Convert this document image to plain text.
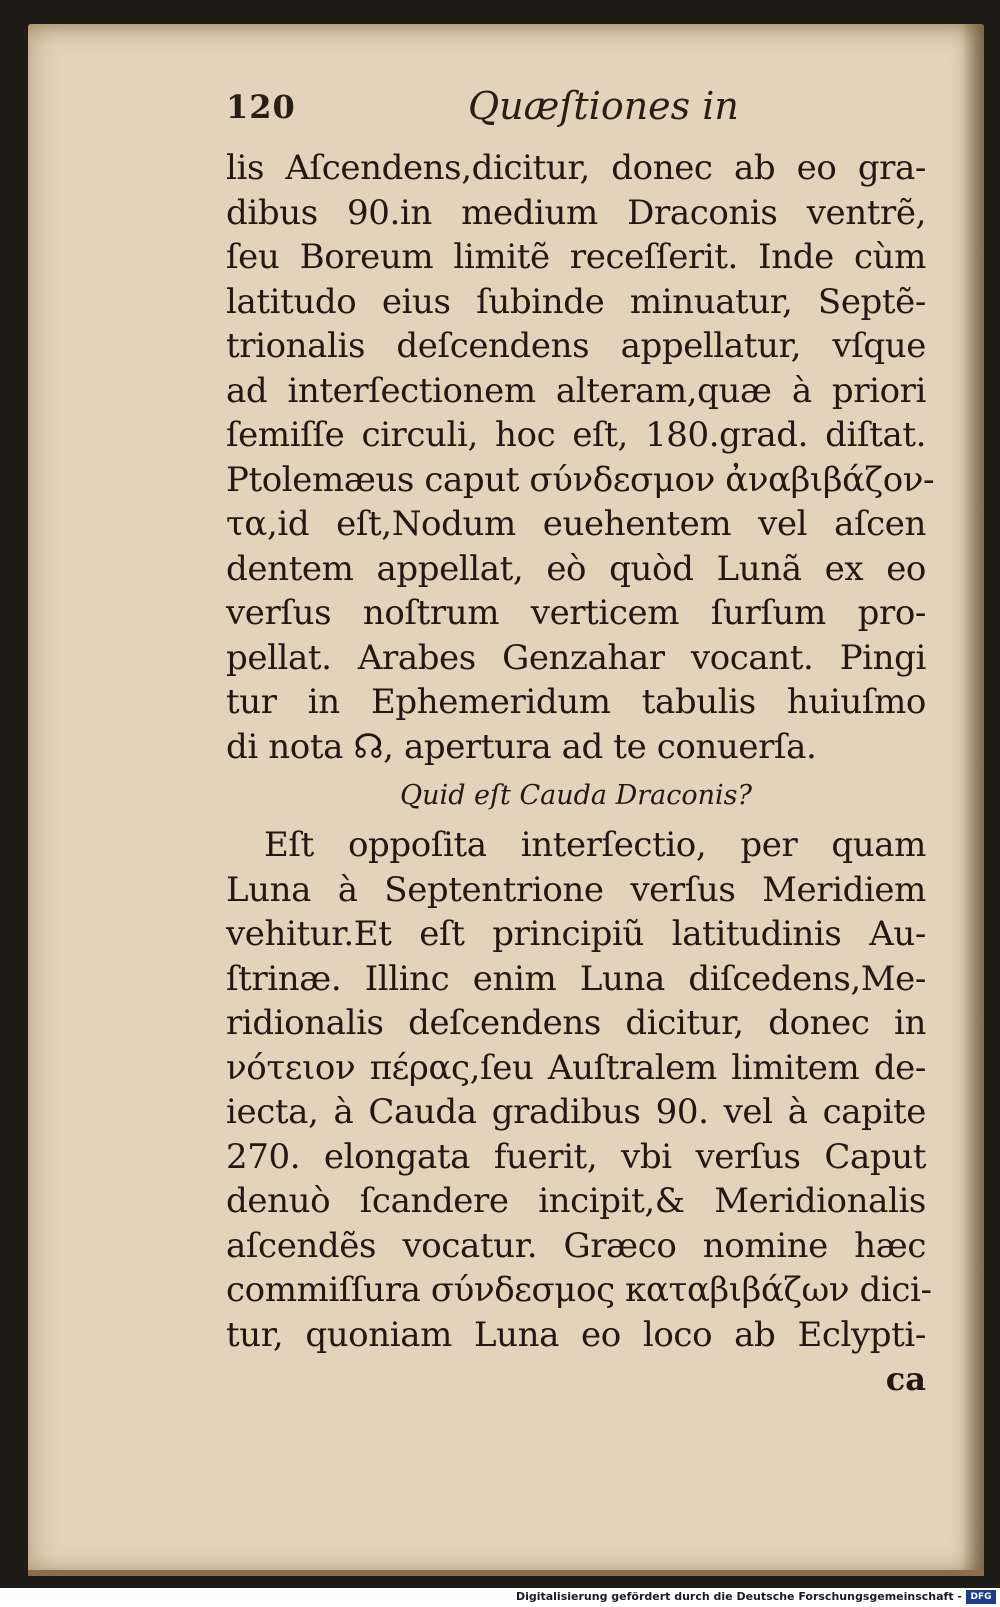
120	Quæſtiones in
lis Aſcendens,dicitur, donec ab eo gra-
dibus 90.in medium Draconis ventrẽ,
ſeu Boreum limitẽ receſſerit. Inde cùm
latitudo eius ſubinde minuatur, Septẽ-
trionalis deſcendens appellatur, vſque
ad interſectionem alteram,quæ à priori
ſemiſſe circuli, hoc eſt, 180.grad. diſtat.
Ptolemæus caput σύνδεσμον ἀναβιβάζον-
τα,id eſt,Nodum euehentem vel aſcen
dentem appellat, eò quòd Lunã ex eo
verſus noſtrum verticem ſurſum pro-
pellat. Arabes Genzahar vocant. Pingi
tur in Ephemeridum tabulis huiuſmo
di nota ☊, apertura ad te conuerſa.
Quid eſt Cauda Draconis?
Eſt oppoſita interſectio, per quam
Luna à Septentrione verſus Meridiem
vehitur.Et eſt principiũ latitudinis Au-
ſtrinæ. Illinc enim Luna diſcedens,Me-
ridionalis deſcendens dicitur, donec in
νότειον πέρας,ſeu Auſtralem limitem de-
iecta, à Cauda gradibus 90. vel à capite
270. elongata fuerit, vbi verſus Caput
denuò ſcandere incipit,& Meridionalis
aſcendẽs vocatur. Græco nomine hæc
commiſſura σύνδεσμος καταβιβάζων dici-
tur, quoniam Luna eo loco ab Eclypti-
ca
Digitalisierung gefördert durch die Deutsche Forschungsgemeinschaft - DFG
